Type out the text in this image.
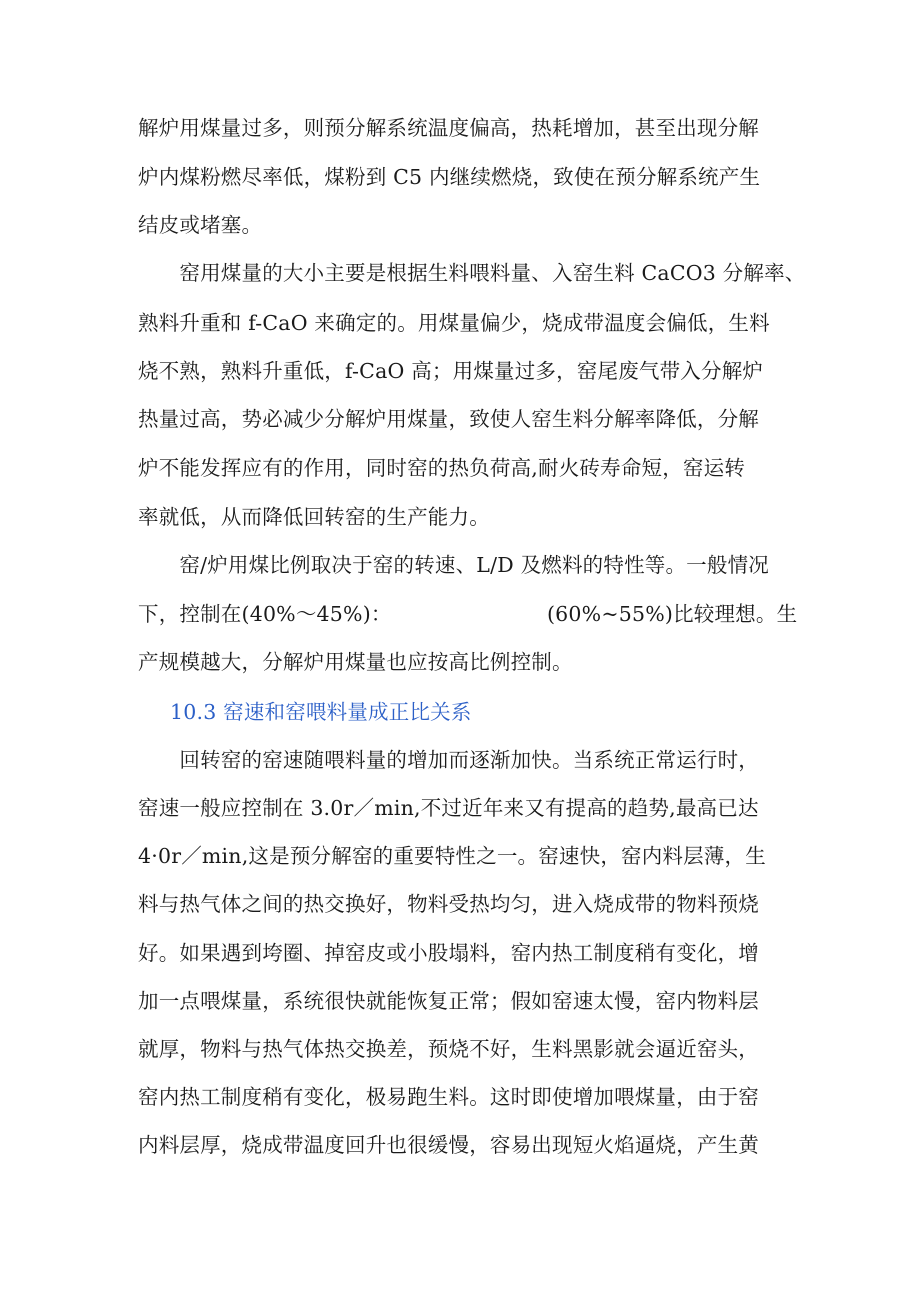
解炉用煤量过多，则预分解系统温度偏高，热耗增加，甚至出现分解
炉内煤粉燃尽率低，煤粉到 C5 内继续燃烧，致使在预分解系统产生
结皮或堵塞。
　　窑用煤量的大小主要是根据生料喂料量、入窑生料 CaCO3 分解率、
熟料升重和 f-CaO 来确定的。用煤量偏少，烧成带温度会偏低，生料
烧不熟，熟料升重低，f-CaO 高；用煤量过多，窑尾废气带入分解炉
热量过高，势必减少分解炉用煤量，致使人窑生料分解率降低，分解
炉不能发挥应有的作用，同时窑的热负荷高,耐火砖寿命短，窑运转
率就低，从而降低回转窑的生产能力。
　　窑/炉用煤比例取决于窑的转速、L/D 及燃料的特性等。一般情况
下，控制在(40%～45%)：　　　　　　　　(60%~55%)比较理想。生
产规模越大，分解炉用煤量也应按高比例控制。
10.3 窑速和窑喂料量成正比关系
　　回转窑的窑速随喂料量的增加而逐渐加快。当系统正常运行时，
窑速一般应控制在 3.0r／min,不过近年来又有提高的趋势,最高已达
4·0r／min,这是预分解窑的重要特性之一。窑速快，窑内料层薄，生
料与热气体之间的热交换好，物料受热均匀，进入烧成带的物料预烧
好。如果遇到垮圈、掉窑皮或小股塌料，窑内热工制度稍有变化，增
加一点喂煤量，系统很快就能恢复正常；假如窑速太慢，窑内物料层
就厚，物料与热气体热交换差，预烧不好，生料黑影就会逼近窑头，
窑内热工制度稍有变化，极易跑生料。这时即使增加喂煤量，由于窑
内料层厚，烧成带温度回升也很缓慢，容易出现短火焰逼烧，产生黄
